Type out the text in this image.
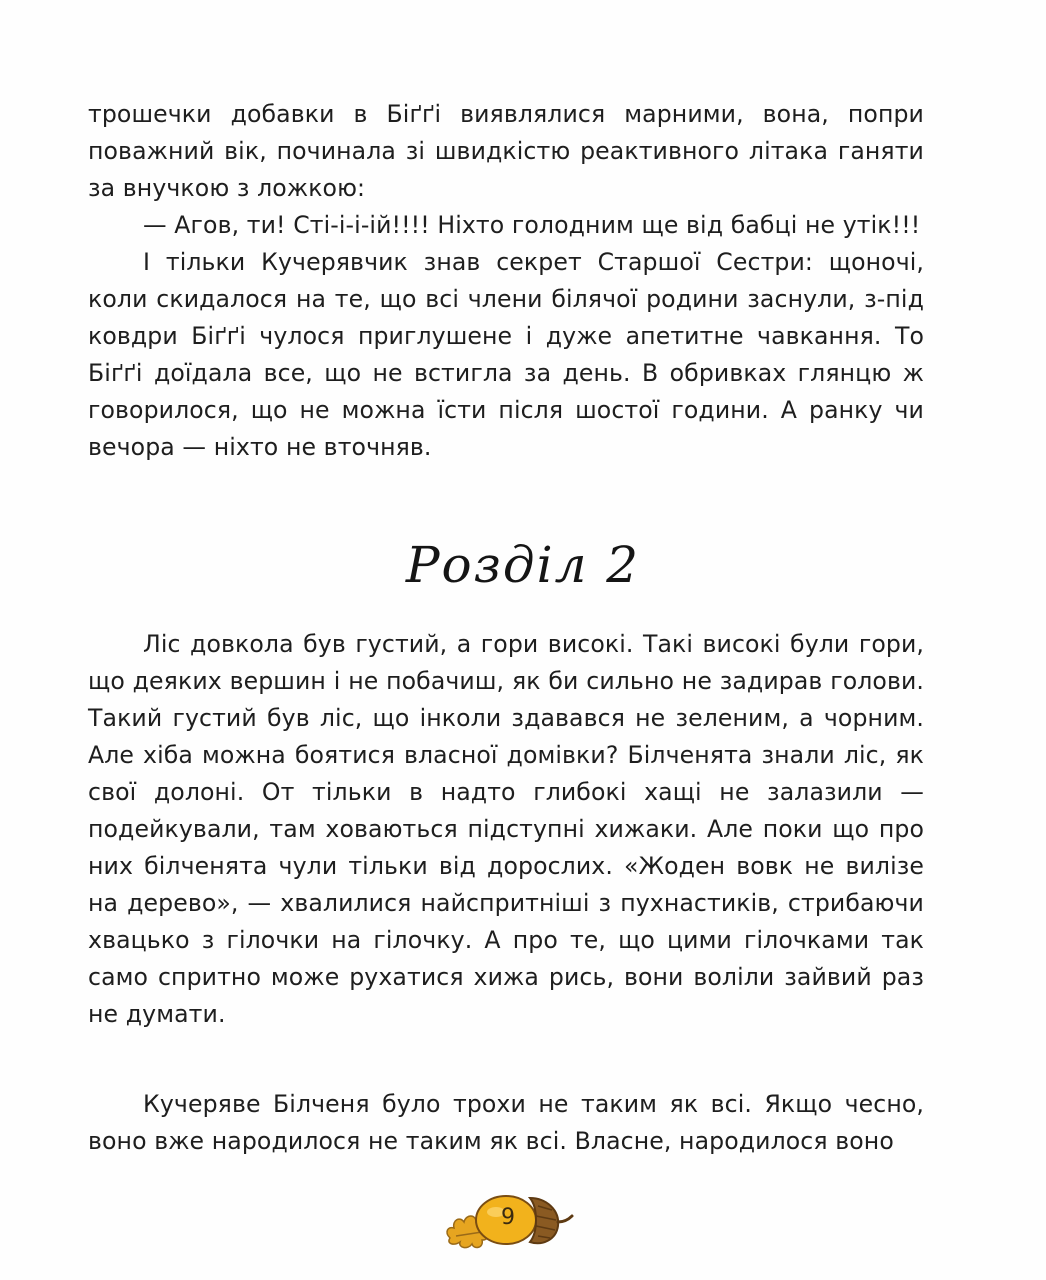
трошечки добавки в Біґґі виявлялися марними, вона, попри поважний вік, починала зі швидкістю реактивного літака ганяти за внучкою з ложкою:

— Агов, ти! Сті-і-і-ій!!!! Ніхто голодним ще від бабці не утік!!!

І тільки Кучерявчик знав секрет Старшої Сестри: щоночі, коли скидалося на те, що всі члени білячої родини заснули, з-під ковдри Біґґі чулося приглушене і дуже апетитне чавкання. То Біґґі доїдала все, що не встигла за день. В обривках глянцю ж говорилося, що не можна їсти після шостої години. А ранку чи вечора — ніхто не вточняв.

Розділ 2

Ліс довкола був густий, а гори високі. Такі високі були гори, що деяких вершин і не побачиш, як би сильно не задирав голови. Такий густий був ліс, що інколи здавався не зеленим, а чорним. Але хіба можна боятися власної домівки? Білченята знали ліс, як свої долоні. От тільки в надто глибокі хащі не залазили — подейкували, там ховаються підступні хижаки. Але поки що про них білченята чули тільки від дорослих. «Жоден вовк не вилізе на дерево», — хвалилися найспритніші з пухнастиків, стрибаючи хвацько з гілочки на гілочку. А про те, що цими гілочками так само спритно може рухатися хижа рись, вони воліли зайвий раз не думати.

Кучеряве Білченя було трохи не таким як всі. Якщо чесно, воно вже народилося не таким як всі. Власне, народилося воно

9
